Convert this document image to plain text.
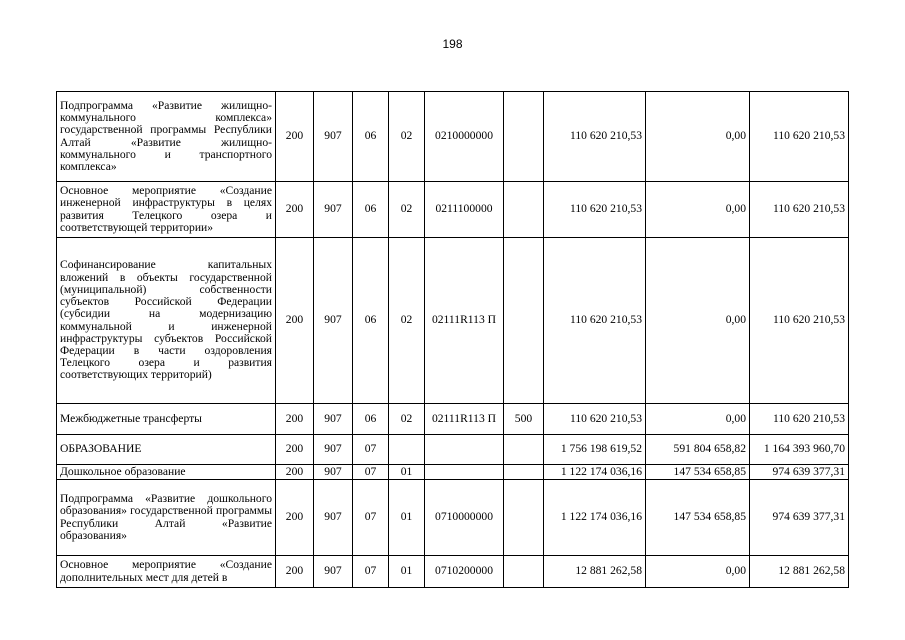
198
Подпрограмма «Развитие жилищно-коммунального комплекса» государственной программы Республики Алтай «Развитие жилищно-коммунального и транспортного комплекса»	200	907	06	02	0210000000		110 620 210,53	0,00	110 620 210,53
Основное мероприятие «Создание инженерной инфраструктуры в целях развития Телецкого озера и соответствующей территории»	200	907	06	02	0211100000		110 620 210,53	0,00	110 620 210,53
Софинансирование капитальных вложений в объекты государственной (муниципальной) собственности субъектов Российской Федерации (субсидии на модернизацию коммунальной и инженерной инфраструктуры субъектов Российской Федерации в части оздоровления Телецкого озера и развития соответствующих территорий)	200	907	06	02	02111R113 П		110 620 210,53	0,00	110 620 210,53
Межбюджетные трансферты	200	907	06	02	02111R113 П	500	110 620 210,53	0,00	110 620 210,53
ОБРАЗОВАНИЕ	200	907	07				1 756 198 619,52	591 804 658,82	1 164 393 960,70
Дошкольное образование	200	907	07	01			1 122 174 036,16	147 534 658,85	974 639 377,31
Подпрограмма «Развитие дошкольного образования» государственной программы Республики Алтай «Развитие образования»	200	907	07	01	0710000000		1 122 174 036,16	147 534 658,85	974 639 377,31
Основное мероприятие «Создание дополнительных мест для детей в	200	907	07	01	0710200000		12 881 262,58	0,00	12 881 262,58
